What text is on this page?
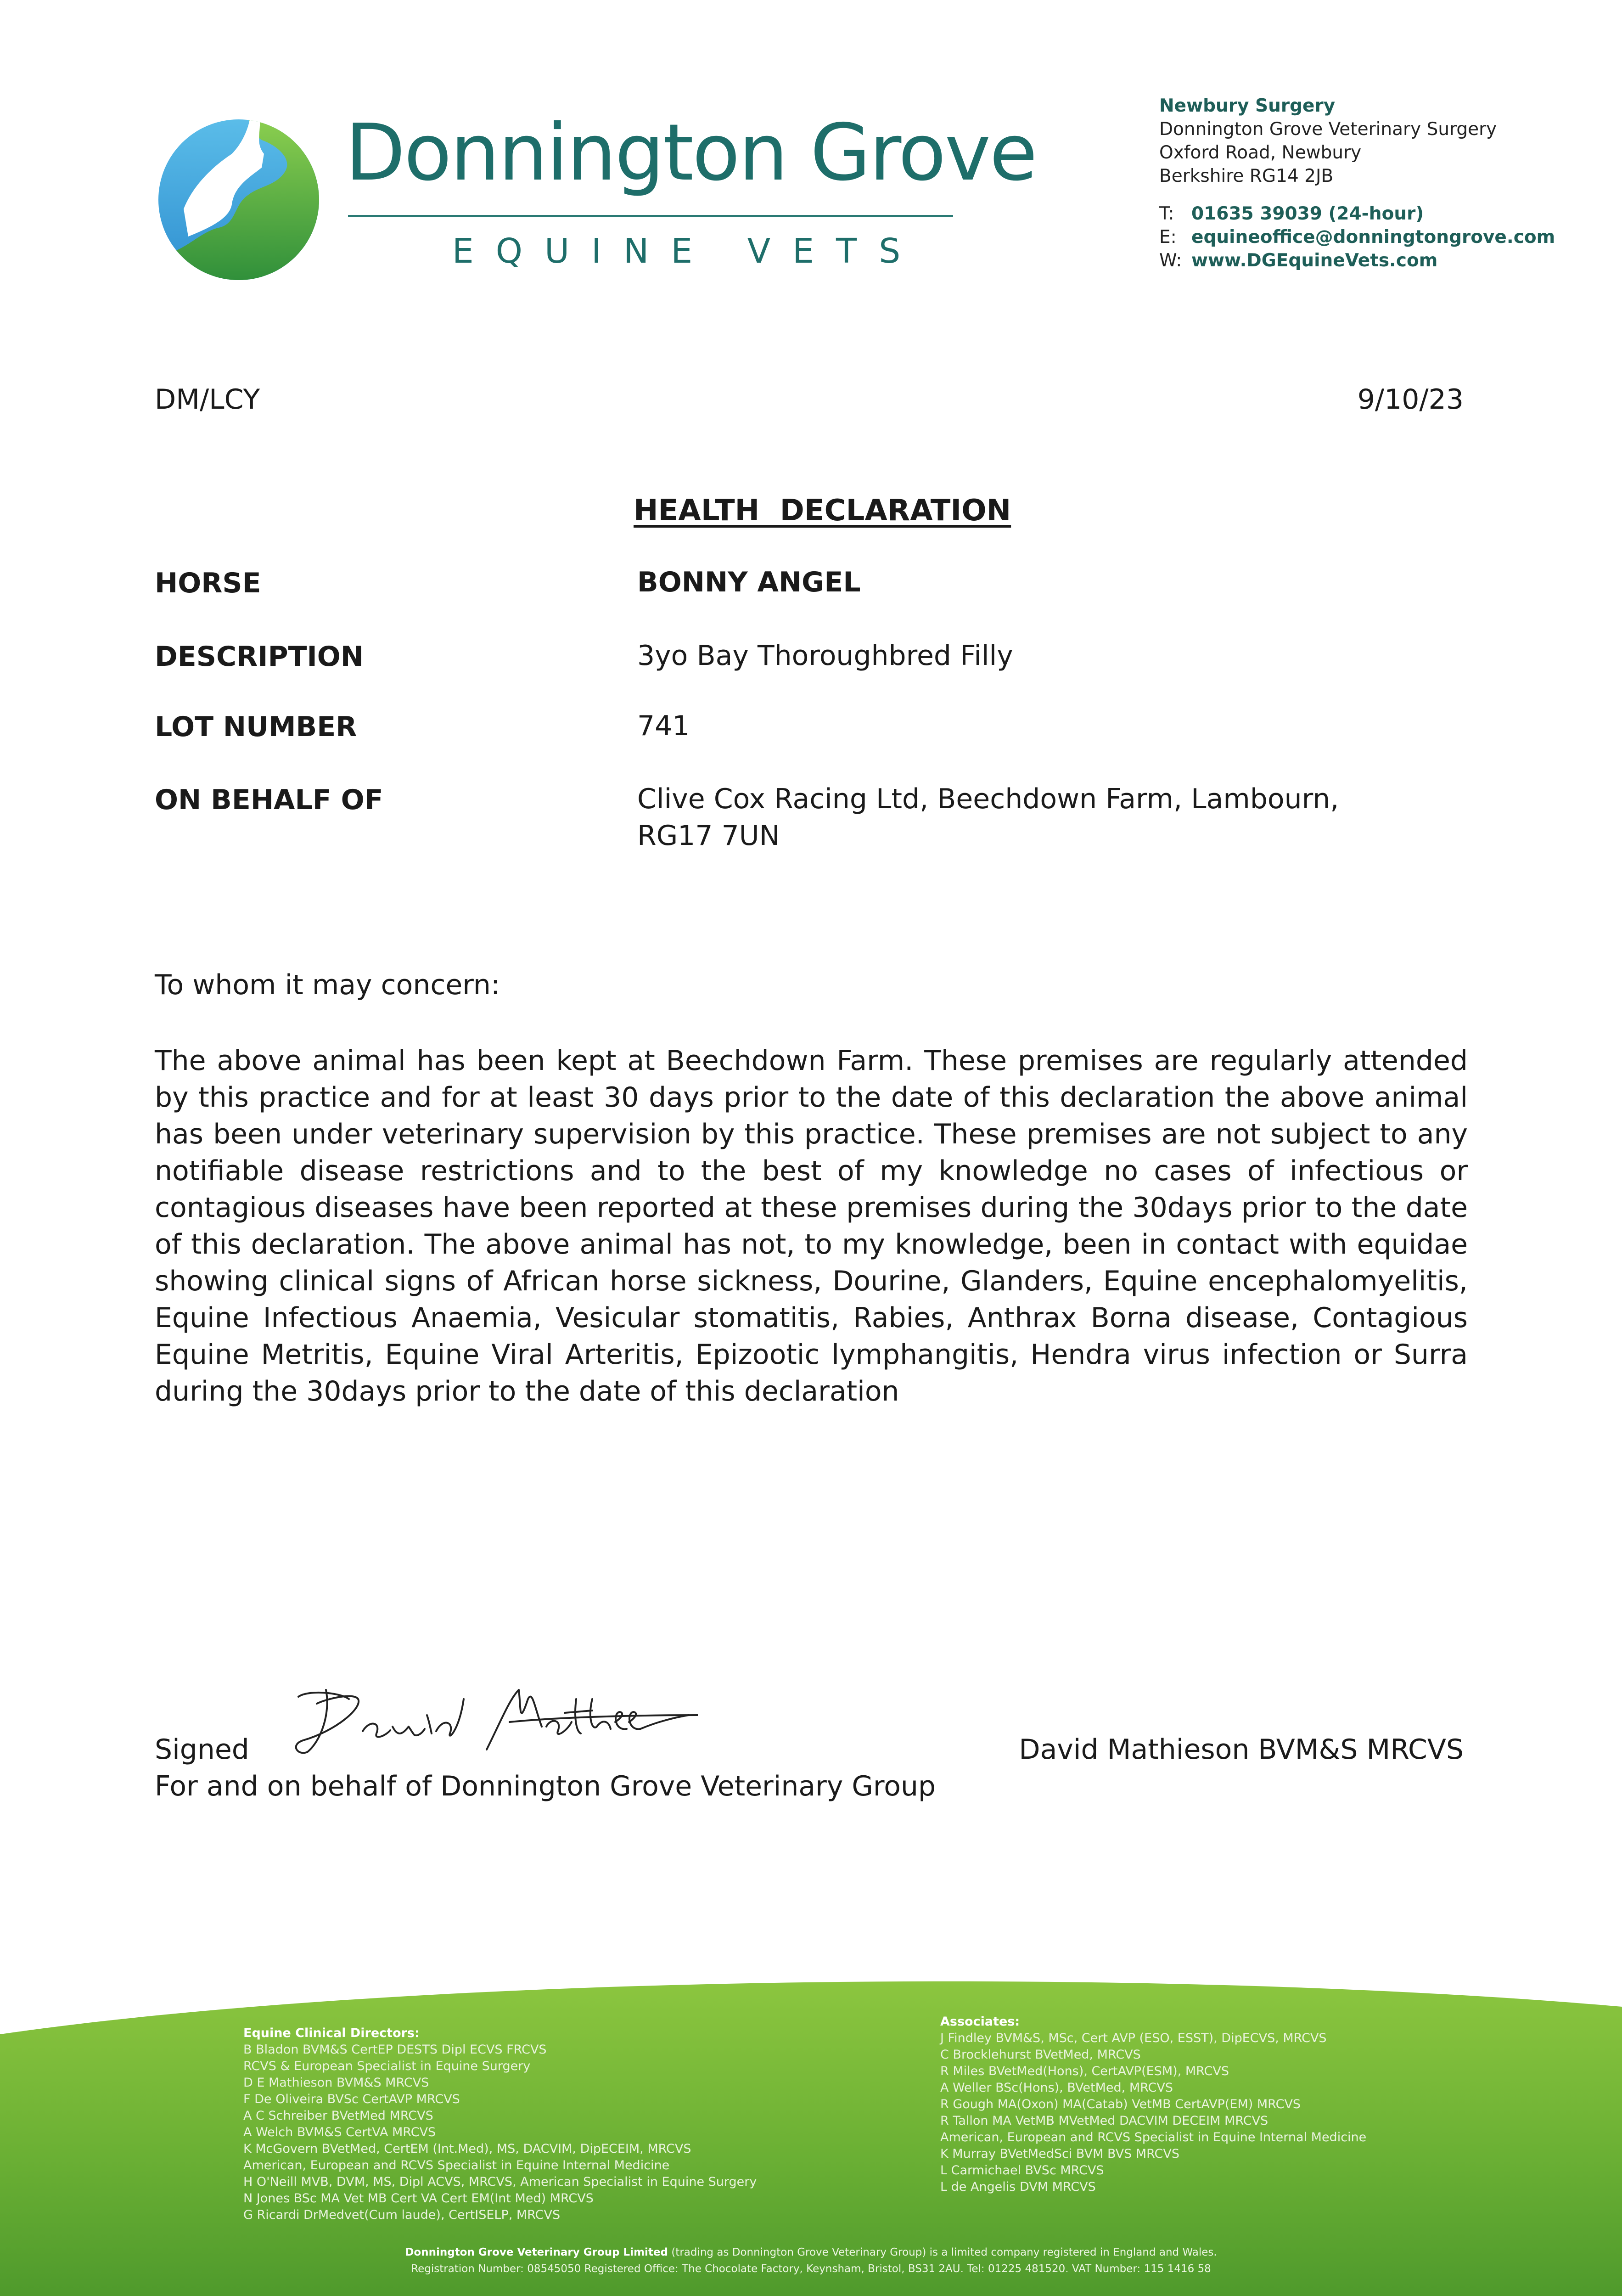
Donnington Grove
EQUINE VETS
Newbury Surgery
Donnington Grove Veterinary Surgery
Oxford Road, Newbury
Berkshire RG14 2JB
T: 01635 39039 (24-hour)
E: equineoffice@donningtongrove.com
W: www.DGEquineVets.com
DM/LCY	9/10/23
HEALTH  DECLARATION
HORSE	BONNY ANGEL
DESCRIPTION	3yo Bay Thoroughbred Filly
LOT NUMBER	741
ON BEHALF OF	Clive Cox Racing Ltd, Beechdown Farm, Lambourn,
RG17 7UN
To whom it may concern:
The above animal has been kept at Beechdown Farm. These premises are regularly attended by this practice and for at least 30 days prior to the date of this declaration the above animal has been under veterinary supervision by this practice. These premises are not subject to any notifiable disease restrictions and to the best of my knowledge no cases of infectious or contagious diseases have been reported at these premises during the 30days prior to the date of this declaration. The above animal has not, to my knowledge, been in contact with equidae showing clinical signs of African horse sickness, Dourine, Glanders, Equine encephalomyelitis, Equine Infectious Anaemia, Vesicular stomatitis, Rabies, Anthrax Borna disease, Contagious Equine Metritis, Equine Viral Arteritis, Epizootic lymphangitis, Hendra virus infection or Surra during the 30days prior to the date of this declaration
Signed	David Mathieson BVM&S MRCVS
For and on behalf of Donnington Grove Veterinary Group
Equine Clinical Directors:
B Bladon BVM&S CertEP DESTS Dipl ECVS FRCVS
RCVS & European Specialist in Equine Surgery
D E Mathieson BVM&S MRCVS
F De Oliveira BVSc CertAVP MRCVS
A C Schreiber BVetMed MRCVS
A Welch BVM&S CertVA MRCVS
K McGovern BVetMed, CertEM (Int.Med), MS, DACVIM, DipECEIM, MRCVS
American, European and RCVS Specialist in Equine Internal Medicine
H O'Neill MVB, DVM, MS, Dipl ACVS, MRCVS, American Specialist in Equine Surgery
N Jones BSc MA Vet MB Cert VA Cert EM(Int Med) MRCVS
G Ricardi DrMedvet(Cum laude), CertISELP, MRCVS
Associates:
J Findley BVM&S, MSc, Cert AVP (ESO, ESST), DipECVS, MRCVS
C Brocklehurst BVetMed, MRCVS
R Miles BVetMed(Hons), CertAVP(ESM), MRCVS
A Weller BSc(Hons), BVetMed, MRCVS
R Gough MA(Oxon) MA(Catab) VetMB CertAVP(EM) MRCVS
R Tallon MA VetMB MVetMed DACVIM DECEIM MRCVS
American, European and RCVS Specialist in Equine Internal Medicine
K Murray BVetMedSci BVM BVS MRCVS
L Carmichael BVSc MRCVS
L de Angelis DVM MRCVS
Donnington Grove Veterinary Group Limited (trading as Donnington Grove Veterinary Group) is a limited company registered in England and Wales.
Registration Number: 08545050 Registered Office: The Chocolate Factory, Keynsham, Bristol, BS31 2AU. Tel: 01225 481520. VAT Number: 115 1416 58
